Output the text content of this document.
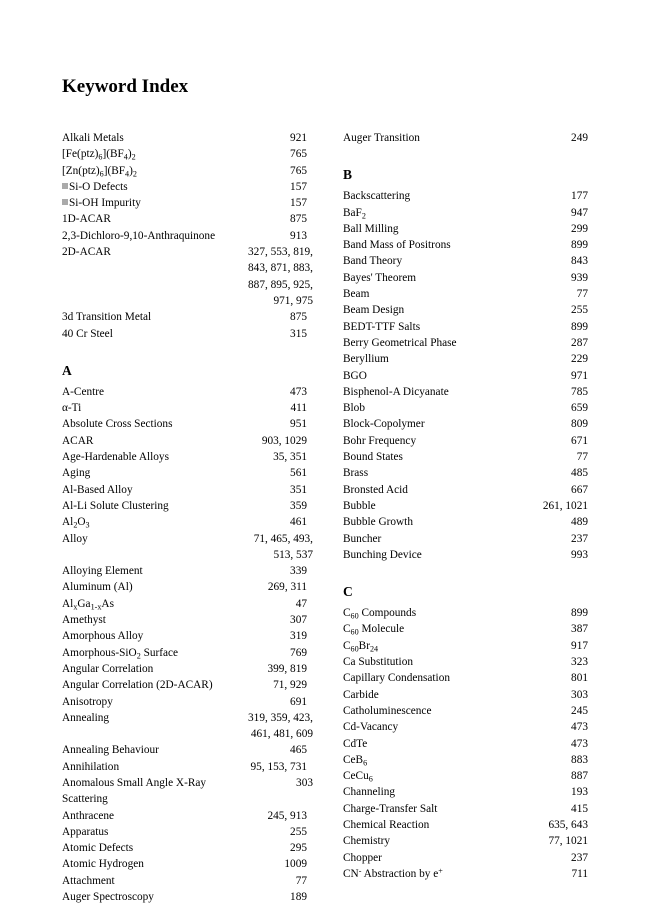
Keyword Index
Alkali Metals	921
$[Fe(ptz)_6](BF_4)_2$	765
$[Zn(ptz)_6](BF_4)_2$	765
Si-O Defects	157
Si-OH Impurity	157
1D-ACAR	875
2,3-Dichloro-9,10-Anthraquinone	913
2D-ACAR	327, 553, 819, 843, 871, 883, 887, 895, 925, 971, 975
3d Transition Metal	875
40 Cr Steel	315
A
A-Centre	473
α-Ti	411
Absolute Cross Sections	951
ACAR	903, 1029
Age-Hardenable Alloys	35, 351
Aging	561
Al-Based Alloy	351
Al-Li Solute Clustering	359
$Al_2O_3$	461
Alloy	71, 465, 493, 513, 537
Alloying Element	339
Aluminum (Al)	269, 311
$Al_xGa_{1-x}As$	47
Amethyst	307
Amorphous Alloy	319
Amorphous-SiO$_2$ Surface	769
Angular Correlation	399, 819
Angular Correlation (2D-ACAR)	71, 929
Anisotropy	691
Annealing	319, 359, 423, 461, 481, 609
Annealing Behaviour	465
Annihilation	95, 153, 731
Anomalous Small Angle X-Ray Scattering
303
Anthracene	245, 913
Apparatus	255
Atomic Defects	295
Atomic Hydrogen	1009
Attachment	77
Auger Spectroscopy	189
Auger Transition	249
B
Backscattering	177
BaF$_2$	947
Ball Milling	299
Band Mass of Positrons	899
Band Theory	843
Bayes' Theorem	939
Beam	77
Beam Design	255
BEDT-TTF Salts	899
Berry Geometrical Phase	287
Beryllium	229
BGO	971
Bisphenol-A Dicyanate	785
Blob	659
Block-Copolymer	809
Bohr Frequency	671
Bound States	77
Brass	485
Bronsted Acid	667
Bubble	261, 1021
Bubble Growth	489
Buncher	237
Bunching Device	993
C
$C_{60}$ Compounds	899
$C_{60}$ Molecule	387
$C_{60}Br_{24}$	917
Ca Substitution	323
Capillary Condensation	801
Carbide	303
Catholuminescence	245
Cd-Vacancy	473
CdTe	473
CeB$_6$	883
CeCu$_6$	887
Channeling	193
Charge-Transfer Salt	415
Chemical Reaction	635, 643
Chemistry	77, 1021
Chopper	237
CN- Abstraction by e+	711
